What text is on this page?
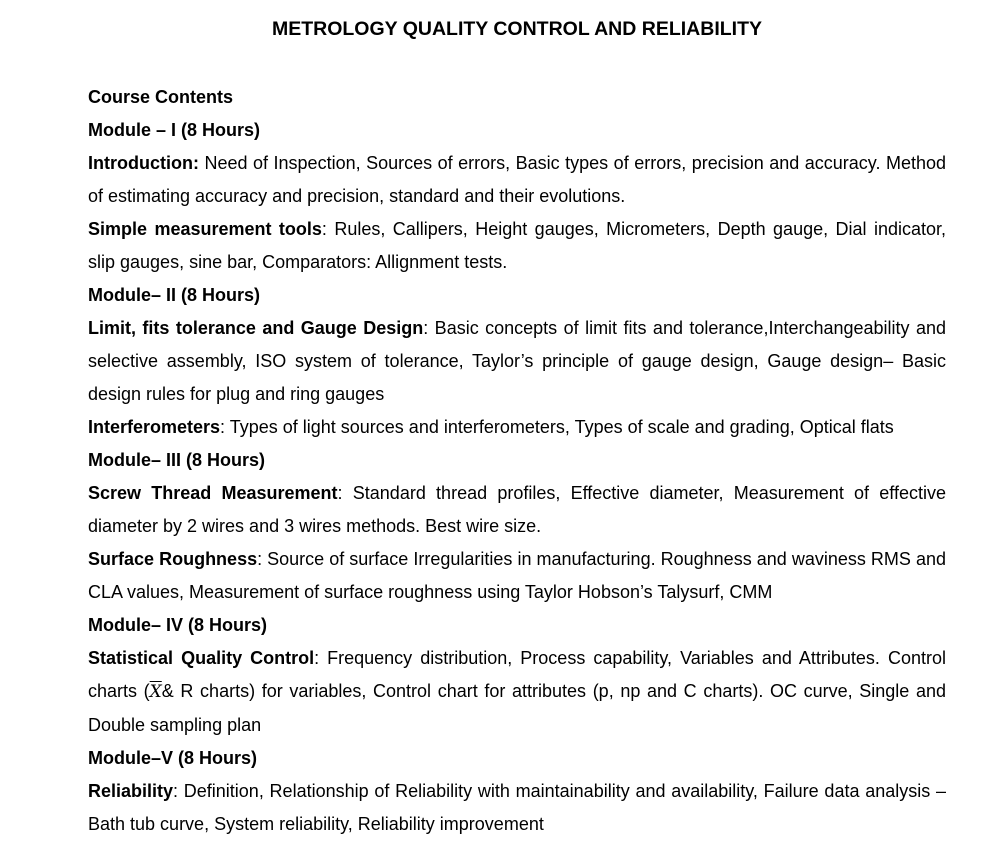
METROLOGY QUALITY CONTROL AND RELIABILITY
Course Contents
Module – I (8 Hours)
Introduction: Need of Inspection, Sources of errors, Basic types of errors, precision and accuracy. Method of estimating accuracy and precision, standard and their evolutions.
Simple measurement tools: Rules, Callipers, Height gauges, Micrometers, Depth gauge, Dial indicator, slip gauges, sine bar, Comparators: Allignment tests.
Module– II (8 Hours)
Limit, fits tolerance and Gauge Design: Basic concepts of limit fits and tolerance,Interchangeability and selective assembly, ISO system of tolerance, Taylor’s principle of gauge design, Gauge design– Basic design rules for plug and ring gauges
Interferometers: Types of light sources and interferometers, Types of scale and grading, Optical flats
Module– III (8 Hours)
Screw Thread Measurement: Standard thread profiles, Effective diameter, Measurement of effective diameter by 2 wires and 3 wires methods. Best wire size.
Surface Roughness: Source of surface Irregularities in manufacturing. Roughness and waviness RMS and CLA values, Measurement of surface roughness using Taylor Hobson’s Talysurf, CMM
Module– IV (8 Hours)
Statistical Quality Control: Frequency distribution, Process capability, Variables and Attributes. Control charts ($\overline{X}\&$ R charts) for variables, Control chart for attributes (p, np and C charts). OC curve, Single and Double sampling plan
Module–V (8 Hours)
Reliability: Definition, Relationship of Reliability with maintainability and availability, Failure data analysis –Bath tub curve, System reliability, Reliability improvement
